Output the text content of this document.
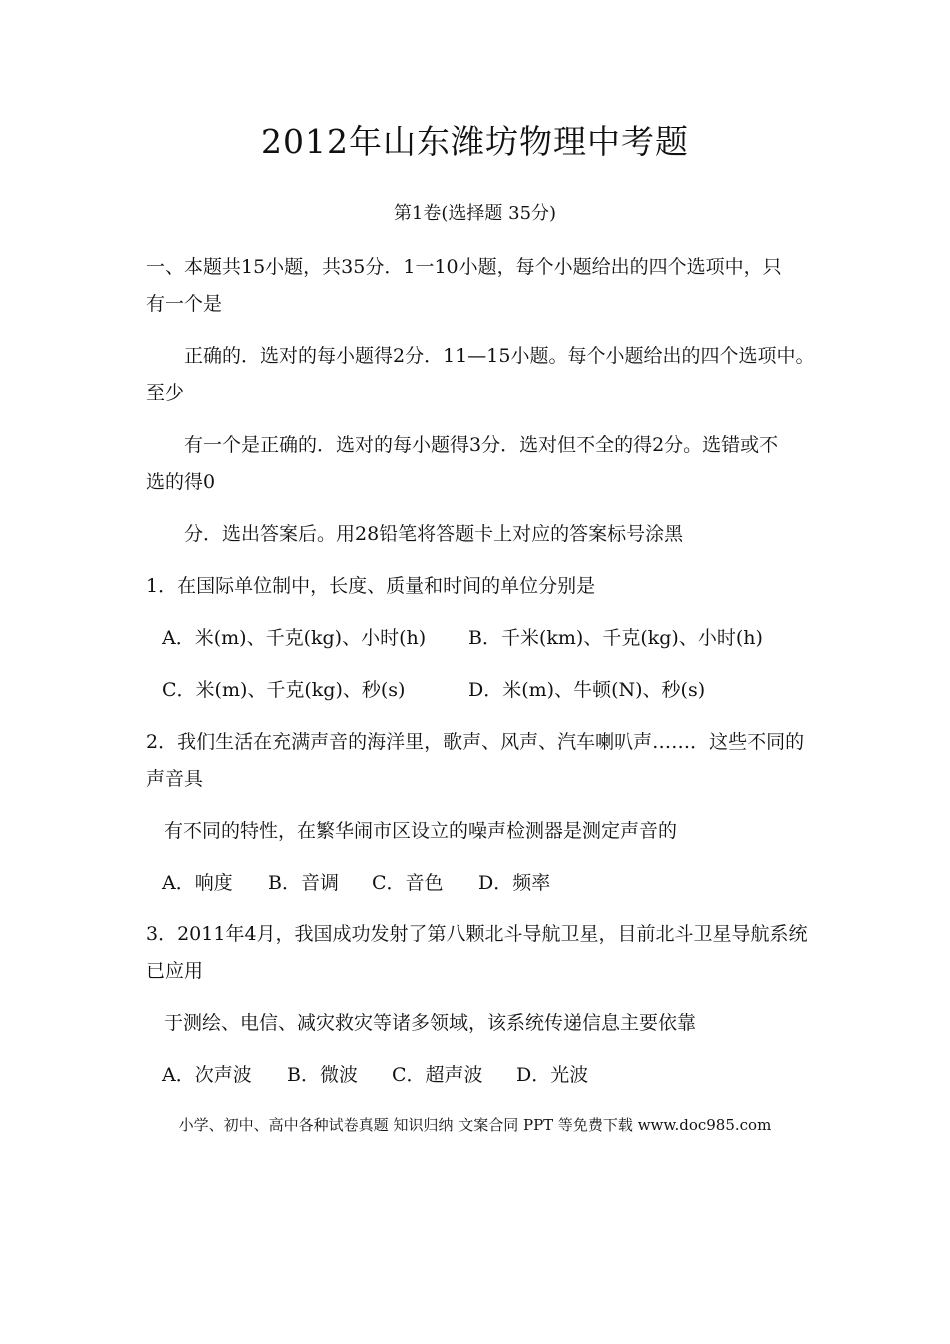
2012年山东潍坊物理中考题
第1卷(选择题 35分)
一、本题共15小题，共35分．1一10小题，每个小题给出的四个选项中，只
有一个是
正确的．选对的每小题得2分．11—15小题。每个小题给出的四个选项中。
至少
有一个是正确的．选对的每小题得3分．选对但不全的得2分。选错或不
选的得0
分．选出答案后。用28铅笔将答题卡上对应的答案标号涂黑
1．在国际单位制中，长度、质量和时间的单位分别是
A．米(m)、千克(kg)、小时(h) B．千米(km)、千克(kg)、小时(h)
C．米(m)、千克(kg)、秒(s)	D．米(m)、牛顿(N)、秒(s)
2．我们生活在充满声音的海洋里，歌声、风声、汽车喇叭声……．这些不同的
声音具
有不同的特性，在繁华闹市区设立的噪声检测器是测定声音的
A．响度 B．音调 C．音色 D．频率
3．2011年4月，我国成功发射了第八颗北斗导航卫星，目前北斗卫星导航系统
已应用
于测绘、电信、减灾救灾等诸多领域，该系统传递信息主要依靠
A．次声波 B．微波 C．超声波 D．光波
小学、初中、高中各种试卷真题 知识归纳 文案合同 PPT 等免费下载 www.doc985.com
